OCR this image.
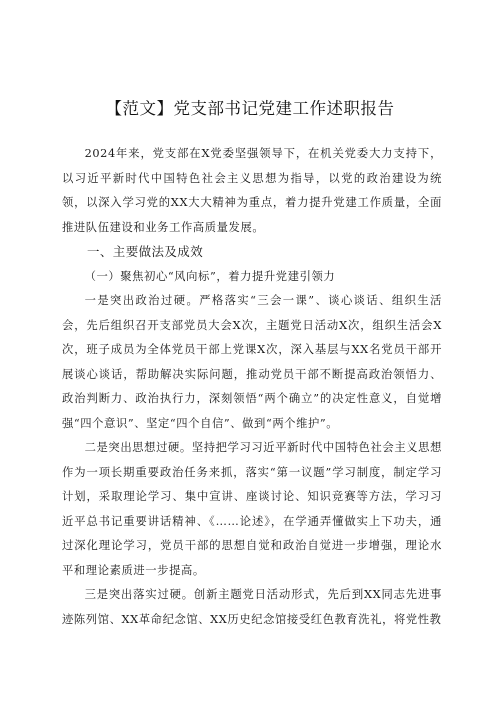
【范文】党支部书记党建工作述职报告

2024年来，党支部在X党委坚强领导下，在机关党委大力支持下，以习近平新时代中国特色社会主义思想为指导，以党的政治建设为统领，以深入学习党的XX大大精神为重点，着力提升党建工作质量，全面推进队伍建设和业务工作高质量发展。

一、主要做法及成效

（一）聚焦初心“风向标”，着力提升党建引领力

一是突出政治过硬。严格落实“三会一课”、谈心谈话、组织生活会，先后组织召开支部党员大会X次，主题党日活动X次，组织生活会X次，班子成员为全体党员干部上党课X次，深入基层与XX名党员干部开展谈心谈话，帮助解决实际问题，推动党员干部不断提高政治领悟力、政治判断力、政治执行力，深刻领悟“两个确立”的决定性意义，自觉增强“四个意识”、坚定“四个自信”、做到“两个维护”。

二是突出思想过硬。坚持把学习习近平新时代中国特色社会主义思想作为一项长期重要政治任务来抓，落实“第一议题”学习制度，制定学习计划，采取理论学习、集中宣讲、座谈讨论、知识竞赛等方法，学习习近平总书记重要讲话精神、《……论述》，在学通弄懂做实上下功夫，通过深化理论学习，党员干部的思想自觉和政治自觉进一步增强，理论水平和理论素质进一步提高。

三是突出落实过硬。创新主题党日活动形式，先后到XX同志先进事迹陈列馆、XX革命纪念馆、XX历史纪念馆接受红色教育洗礼，将党性教
